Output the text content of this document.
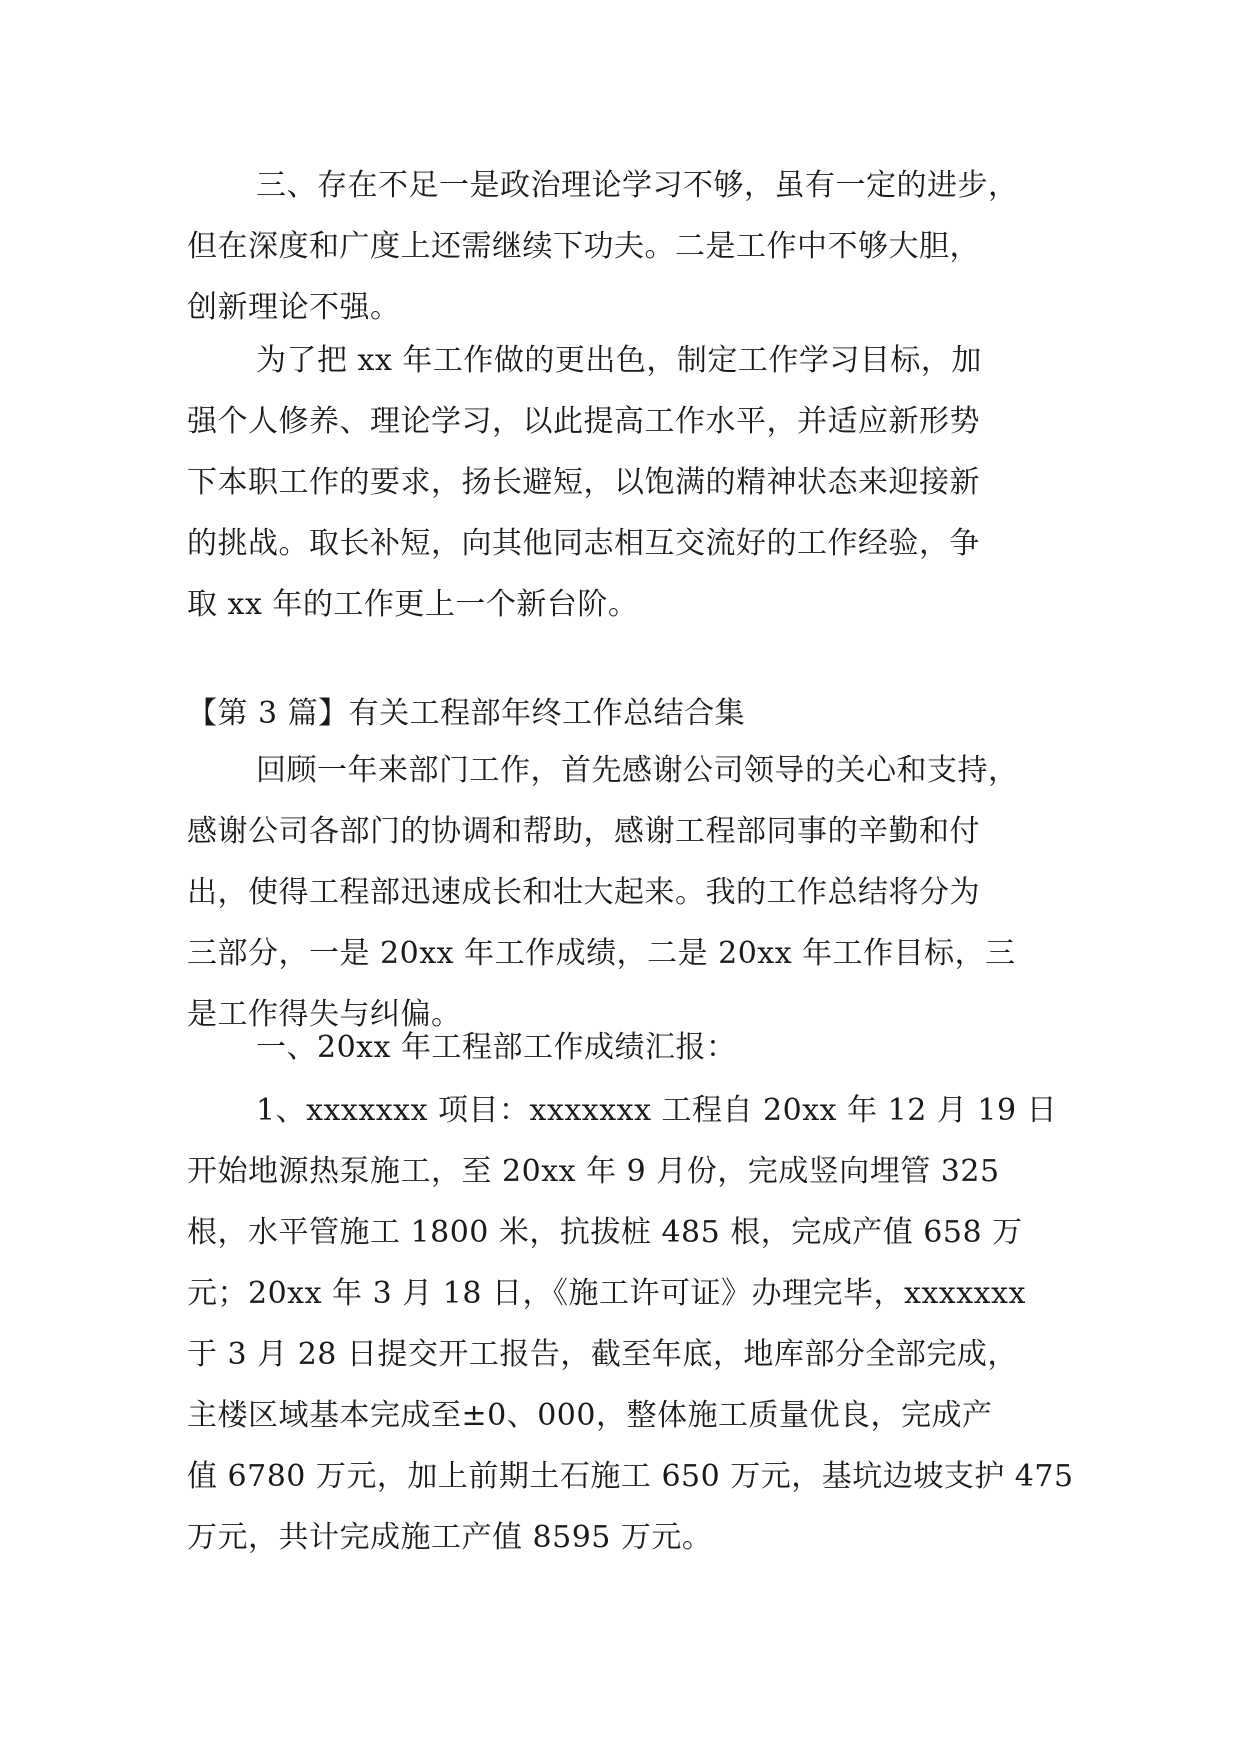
三、存在不足一是政治理论学习不够，虽有一定的进步，
但在深度和广度上还需继续下功夫。二是工作中不够大胆，
创新理论不强。
为了把 xx 年工作做的更出色，制定工作学习目标，加
强个人修养、理论学习，以此提高工作水平，并适应新形势
下本职工作的要求，扬长避短，以饱满的精神状态来迎接新
的挑战。取长补短，向其他同志相互交流好的工作经验，争
取 xx 年的工作更上一个新台阶。
【第 3 篇】有关工程部年终工作总结合集
回顾一年来部门工作，首先感谢公司领导的关心和支持，
感谢公司各部门的协调和帮助，感谢工程部同事的辛勤和付
出，使得工程部迅速成长和壮大起来。我的工作总结将分为
三部分，一是 20xx 年工作成绩，二是 20xx 年工作目标，三
是工作得失与纠偏。
一、20xx 年工程部工作成绩汇报：
1、xxxxxxx 项目：xxxxxxx 工程自 20xx 年 12 月 19 日
开始地源热泵施工，至 20xx 年 9 月份，完成竖向埋管 325
根，水平管施工 1800 米，抗拔桩 485 根，完成产值 658 万
元；20xx 年 3 月 18 日，《施工许可证》办理完毕，xxxxxxx
于 3 月 28 日提交开工报告，截至年底，地库部分全部完成，
主楼区域基本完成至±0、000，整体施工质量优良，完成产
值 6780 万元，加上前期土石施工 650 万元，基坑边坡支护 475
万元，共计完成施工产值 8595 万元。
